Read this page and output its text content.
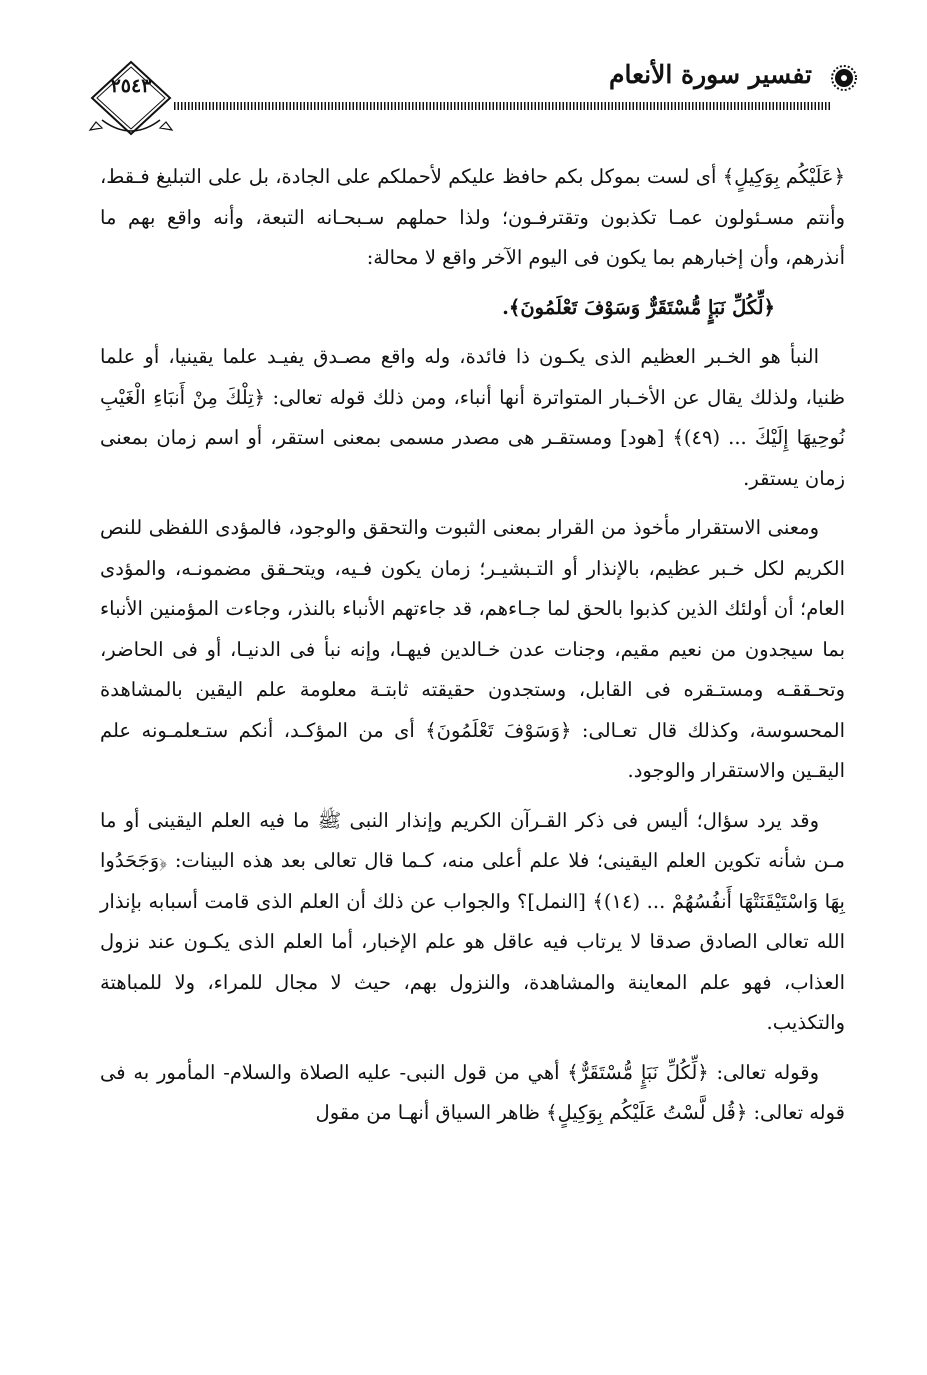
٢٥٤٣	تفسير سورة الأنعام

﴿عَلَيْكُم بِوَكِيلٍ﴾ أى لست بموكل بكم حافظ عليكم لأحملكم على الجادة، بل على التبليغ فـقط، وأنتم مسـئولون عمـا تكذبون وتقترفـون؛ ولذا حملهم سـبحـانه التبعة، وأنه واقع بهم ما أنذرهم، وأن إخبارهم بما يكون فى اليوم الآخر واقع لا محالة:

﴿لِّكُلِّ نَبَإٍ مُّسْتَقَرٌّ وَسَوْفَ تَعْلَمُونَ﴾.

النبأ هو الخـبر العظيم الذى يكـون ذا فائدة، وله واقع مصـدق يفيـد علما يقينيا، أو علما ظنيا، ولذلك يقال عن الأخـبار المتواترة أنها أنباء، ومن ذلك قوله تعالى: ﴿تِلْكَ مِنْ أَنبَاءِ الْغَيْبِ نُوحِيهَا إِلَيْكَ ... (٤٩)﴾ [هود] ومستقـر هى مصدر مسمى بمعنى استقر، أو اسم زمان بمعنى زمان يستقر.

ومعنى الاستقرار مأخوذ من القرار بمعنى الثبوت والتحقق والوجود، فالمؤدى اللفظى للنص الكريم لكل خـبر عظيم، بالإنذار أو التـبشيـر؛ زمان يكون فـيه، ويتحـقق مضمونـه، والمؤدى العام؛ أن أولئك الذين كذبوا بالحق لما جـاءهم، قد جاءتهم الأنباء بالنذر، وجاءت المؤمنين الأنباء بما سيجدون من نعيم مقيم، وجنات عدن خـالدين فيهـا، وإنه نبأ فى الدنيـا، أو فى الحاضر، وتحـققـه ومستـقره فى القابل، وستجدون حقيقته ثابتـة معلومة علم اليقين بالمشاهدة المحسوسة، وكذلك قال تعـالى: ﴿وَسَوْفَ تَعْلَمُونَ﴾ أى من المؤكـد، أنكم ستـعلمـونه علم اليقـين والاستقرار والوجود.

وقد يرد سؤال؛ أليس فى ذكر القـرآن الكريم وإنذار النبى ﷺ ما فيه العلم اليقينى أو ما مـن شأنه تكوين العلم اليقينى؛ فلا علم أعلى منه، كـما قال تعالى بعد هذه البينات: ﴿وَجَحَدُوا بِهَا وَاسْتَيْقَنَتْهَا أَنفُسُهُمْ ... (١٤)﴾ [النمل]؟ والجواب عن ذلك أن العلم الذى قامت أسبابه بإنذار الله تعالى الصادق صدقا لا يرتاب فيه عاقل هو علم الإخبار، أما العلم الذى يكـون عند نزول العذاب، فهو علم المعاينة والمشاهدة، والنزول بهم، حيث لا مجال للمراء، ولا للمباهتة والتكذيب.

وقوله تعالى: ﴿لِّكُلِّ نَبَإٍ مُّسْتَقَرٌّ﴾ أهي من قول النبى- عليه الصلاة والسلام- المأمور به فى قوله تعالى: ﴿قُل لَّسْتُ عَلَيْكُم بِوَكِيلٍ﴾ ظاهر السياق أنهـا من مقول
